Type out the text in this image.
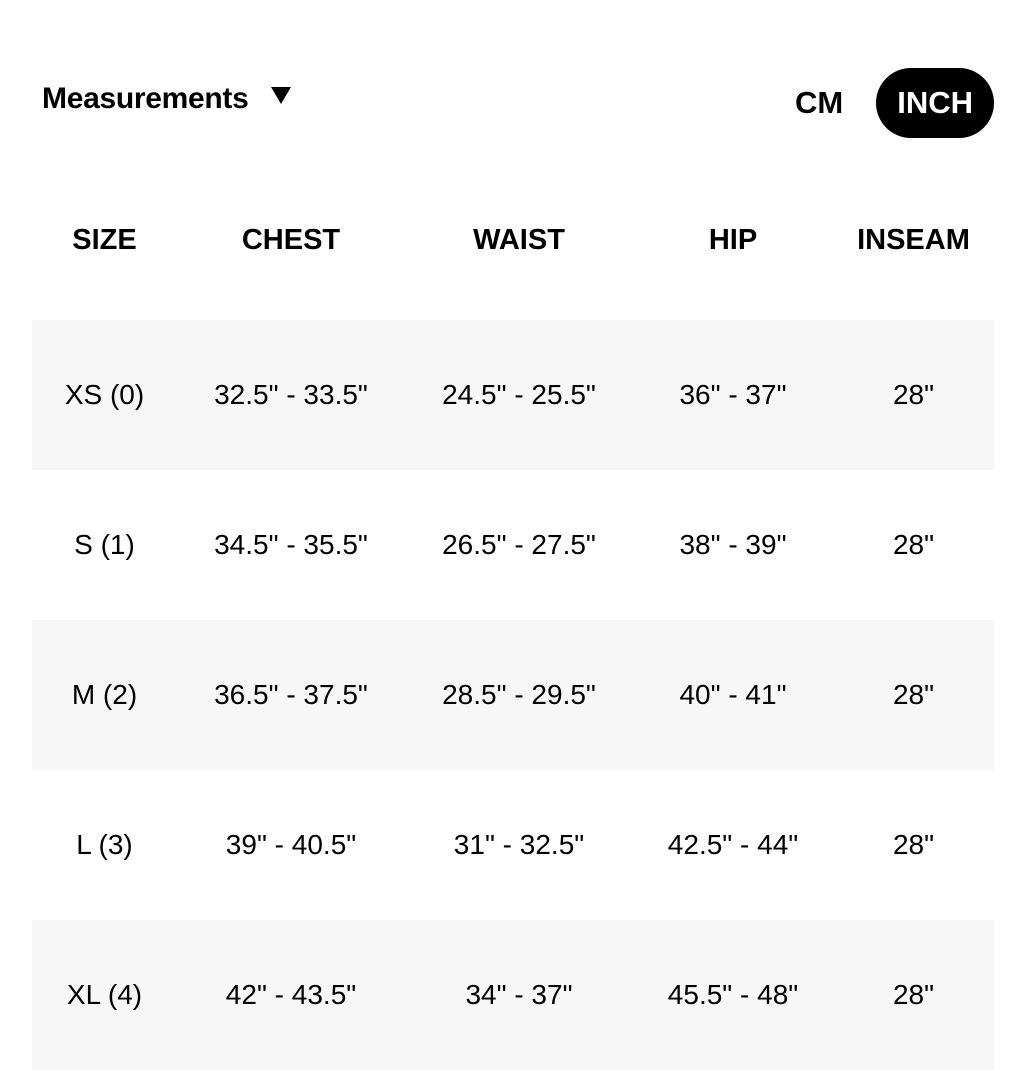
Measurements	CM	INCH
SIZE	CHEST	WAIST	HIP	INSEAM
XS (0)	32.5" - 33.5"	24.5" - 25.5"	36" - 37"	28"
S (1)	34.5" - 35.5"	26.5" - 27.5"	38" - 39"	28"
M (2)	36.5" - 37.5"	28.5" - 29.5"	40" - 41"	28"
L (3)	39" - 40.5"	31" - 32.5"	42.5" - 44"	28"
XL (4)	42" - 43.5"	34" - 37"	45.5" - 48"	28"
